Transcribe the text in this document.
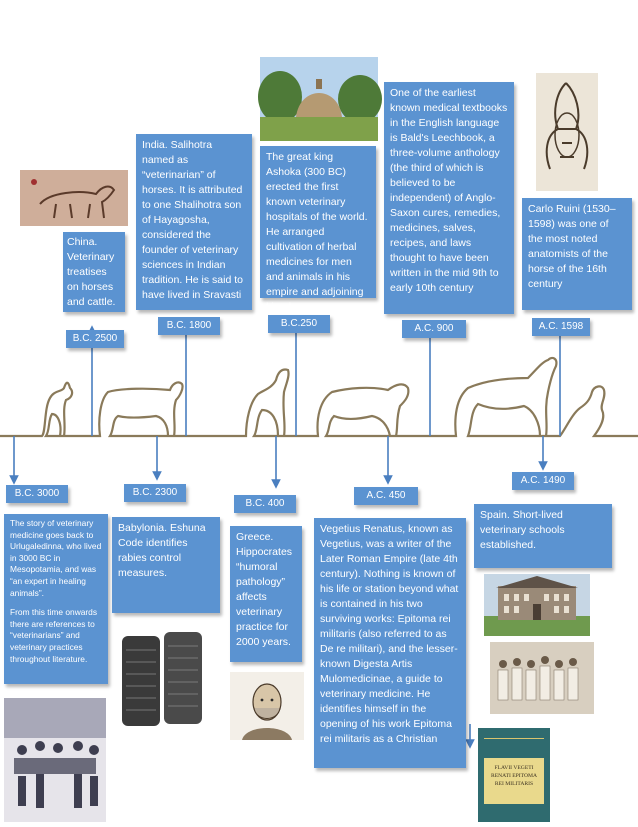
China. Veterinary treatises on horses and cattle.
B.C. 2500
India. Salihotra named as “veterinarian” of horses. It is attributed to one Shalihotra son of Hayagosha, considered the founder of veterinary sciences in Indian tradition. He is said to have lived in Sravasti
B.C. 1800
The great king Ashoka (300 BC) erected the first known veterinary hospitals of the world. He arranged cultivation of herbal medicines for men and animals in his empire and adjoining kingdoms.
B.C.250
One of the earliest known medical textbooks in the English language is Bald's Leechbook, a three-volume anthology (the third of which is believed to be independent) of Anglo-Saxon cures, remedies, medicines, salves, recipes, and laws thought to have been written in the mid 9th to early 10th century
A.C. 900
Carlo Ruini (1530–1598) was one of the most noted anatomists of the horse of the 16th century
A.C. 1598
B.C. 3000	B.C. 2300
B.C. 400
A.C. 450
A.C. 1490

The story of veterinary medicine goes back to Urlugaledinna, who lived in 3000 BC in Mesopotamia, and was “an expert in healing animals”.

From this time onwards there are references to “veterinarians” and veterinary practices throughout literature.

Babylonia. Eshuna Code identifies rabies control measures.
Greece. Hippocrates “humoral pathology” affects veterinary practice for 2000 years.
Vegetius Renatus, known as Vegetius, was a writer of the Later Roman Empire (late 4th century). Nothing is known of his life or station beyond what is contained in his two surviving works: Epitoma rei militaris (also referred to as De re militari), and the lesser-known Digesta Artis Mulomedicinae, a guide to veterinary medicine. He identifies himself in the opening of his work Epitoma rei militaris as a Christian
Spain. Short-lived veterinary schools established.
FLAVII VEGETI
RENATI EPITOMA
REI MILITARIS
